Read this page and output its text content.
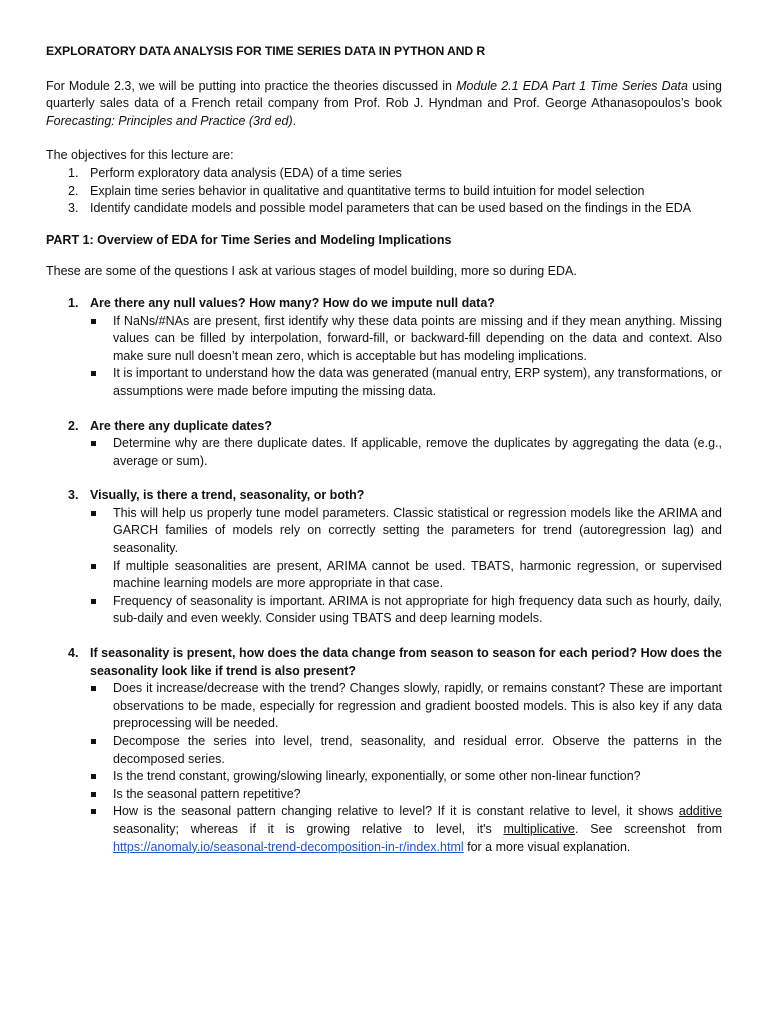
EXPLORATORY DATA ANALYSIS FOR TIME SERIES DATA IN PYTHON AND R

For Module 2.3, we will be putting into practice the theories discussed in Module 2.1 EDA Part 1 Time Series Data using quarterly sales data of a French retail company from Prof. Rob J. Hyndman and Prof. George Athanasopoulos’s book Forecasting: Principles and Practice (3rd ed).

The objectives for this lecture are:

1. Perform exploratory data analysis (EDA) of a time series
2. Explain time series behavior in qualitative and quantitative terms to build intuition for model selection
3. Identify candidate models and possible model parameters that can be used based on the findings in the EDA

PART 1: Overview of EDA for Time Series and Modeling Implications

These are some of the questions I ask at various stages of model building, more so during EDA.

1. Are there any null values? How many? How do we impute null data?
If NaNs/#NAs are present, first identify why these data points are missing and if they mean anything. Missing values can be filled by interpolation, forward-fill, or backward-fill depending on the data and context. Also make sure null doesn’t mean zero, which is acceptable but has modeling implications.
It is important to understand how the data was generated (manual entry, ERP system), any transformations, or assumptions were made before imputing the missing data.
2. Are there any duplicate dates?
Determine why are there duplicate dates. If applicable, remove the duplicates by aggregating the data (e.g., average or sum).
3. Visually, is there a trend, seasonality, or both?
This will help us properly tune model parameters. Classic statistical or regression models like the ARIMA and GARCH families of models rely on correctly setting the parameters for trend (autoregression lag) and seasonality.
If multiple seasonalities are present, ARIMA cannot be used. TBATS, harmonic regression, or supervised machine learning models are more appropriate in that case.
Frequency of seasonality is important. ARIMA is not appropriate for high frequency data such as hourly, daily, sub-daily and even weekly. Consider using TBATS and deep learning models.
4. If seasonality is present, how does the data change from season to season for each period? How does the seasonality look like if trend is also present?
Does it increase/decrease with the trend? Changes slowly, rapidly, or remains constant? These are important observations to be made, especially for regression and gradient boosted models. This is also key if any data preprocessing will be needed.
Decompose the series into level, trend, seasonality, and residual error. Observe the patterns in the decomposed series.
Is the trend constant, growing/slowing linearly, exponentially, or some other non-linear function?
Is the seasonal pattern repetitive?
How is the seasonal pattern changing relative to level? If it is constant relative to level, it shows additive seasonality; whereas if it is growing relative to level, it's multiplicative. See screenshot from https://anomaly.io/seasonal-trend-decomposition-in-r/index.html for a more visual explanation.
